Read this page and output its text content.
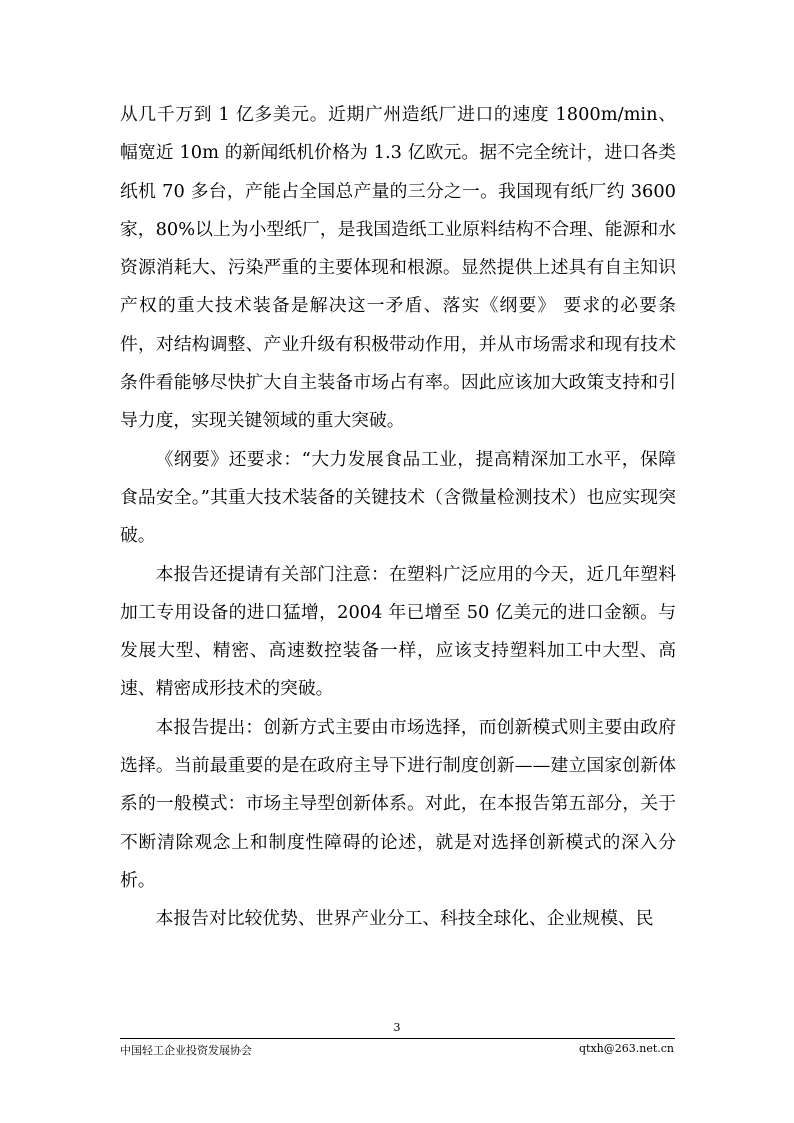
从几千万到 1 亿多美元。近期广州造纸厂进口的速度 1800m/min、幅宽近 10m 的新闻纸机价格为 1.3 亿欧元。据不完全统计，进口各类纸机 70 多台，产能占全国总产量的三分之一。我国现有纸厂约 3600 家，80%以上为小型纸厂，是我国造纸工业原料结构不合理、能源和水资源消耗大、污染严重的主要体现和根源。显然提供上述具有自主知识产权的重大技术装备是解决这一矛盾、落实《纲要》 要求的必要条件，对结构调整、产业升级有积极带动作用，并从市场需求和现有技术条件看能够尽快扩大自主装备市场占有率。因此应该加大政策支持和引导力度，实现关键领域的重大突破。

《纲要》还要求：“大力发展食品工业，提高精深加工水平，保障食品安全。”其重大技术装备的关键技术（含微量检测技术）也应实现突破。

本报告还提请有关部门注意：在塑料广泛应用的今天，近几年塑料加工专用设备的进口猛增，2004 年已增至 50 亿美元的进口金额。与发展大型、精密、高速数控装备一样，应该支持塑料加工中大型、高速、精密成形技术的突破。

本报告提出：创新方式主要由市场选择，而创新模式则主要由政府选择。当前最重要的是在政府主导下进行制度创新——建立国家创新体系的一般模式：市场主导型创新体系。对此，在本报告第五部分，关于不断清除观念上和制度性障碍的论述，就是对选择创新模式的深入分析。

本报告对比较优势、世界产业分工、科技全球化、企业规模、民

3
中国轻工企业投资发展协会	qtxh@263.net.cn
